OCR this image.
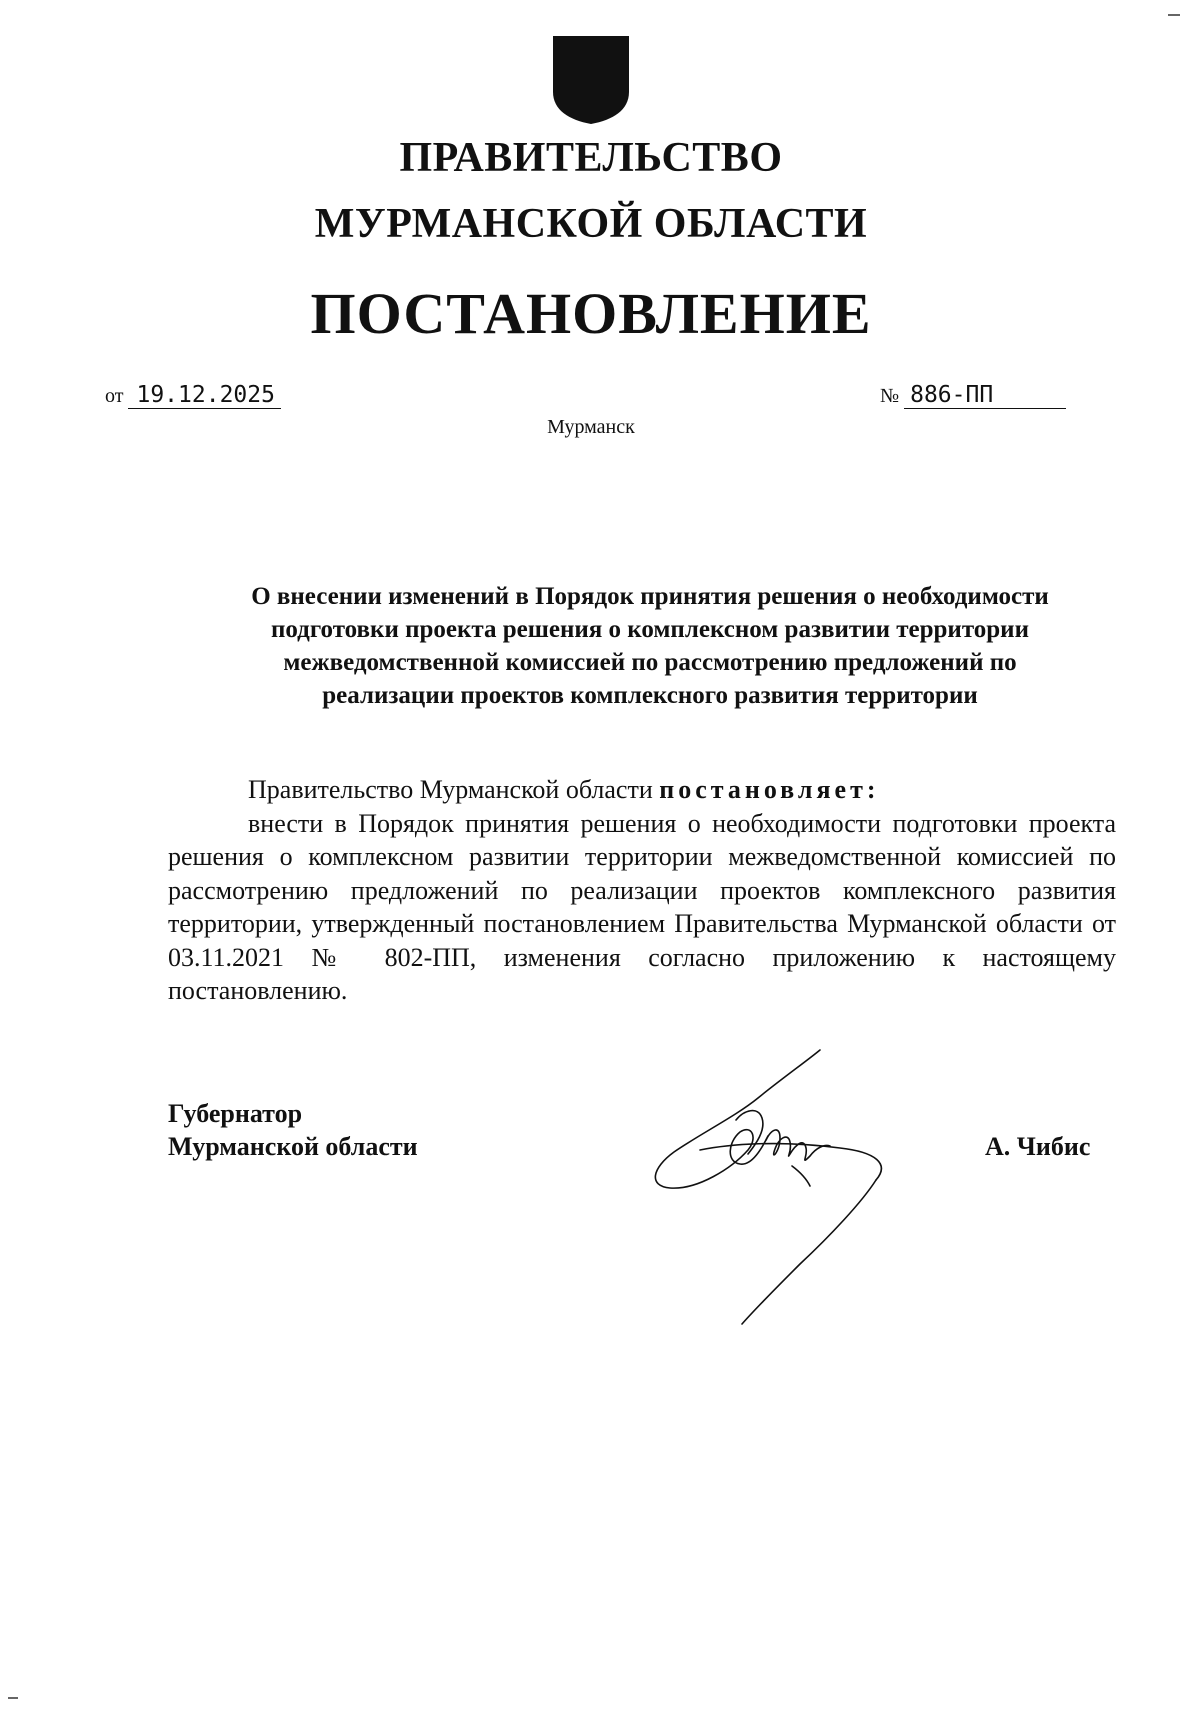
ПРАВИТЕЛЬСТВО
МУРМАНСКОЙ ОБЛАСТИ
ПОСТАНОВЛЕНИЕ
от 19.12.2025	№ 886-ПП
Мурманск
О внесении изменений в Порядок принятия решения о необходимости
подготовки проекта решения о комплексном развитии территории
межведомственной комиссией по рассмотрению предложений по
реализации проектов комплексного развития территории

Правительство Мурманской области постановляет:

внести в Порядок принятия решения о необходимости подготовки проекта решения о комплексном развитии территории межведомственной комиссией по рассмотрению предложений по реализации проектов комплексного развития территории, утвержденный постановлением Правительства Мурманской области от 03.11.2021 № 802-ПП, изменения согласно приложению к настоящему постановлению.

Губернатор
Мурманской области	А. Чибис
